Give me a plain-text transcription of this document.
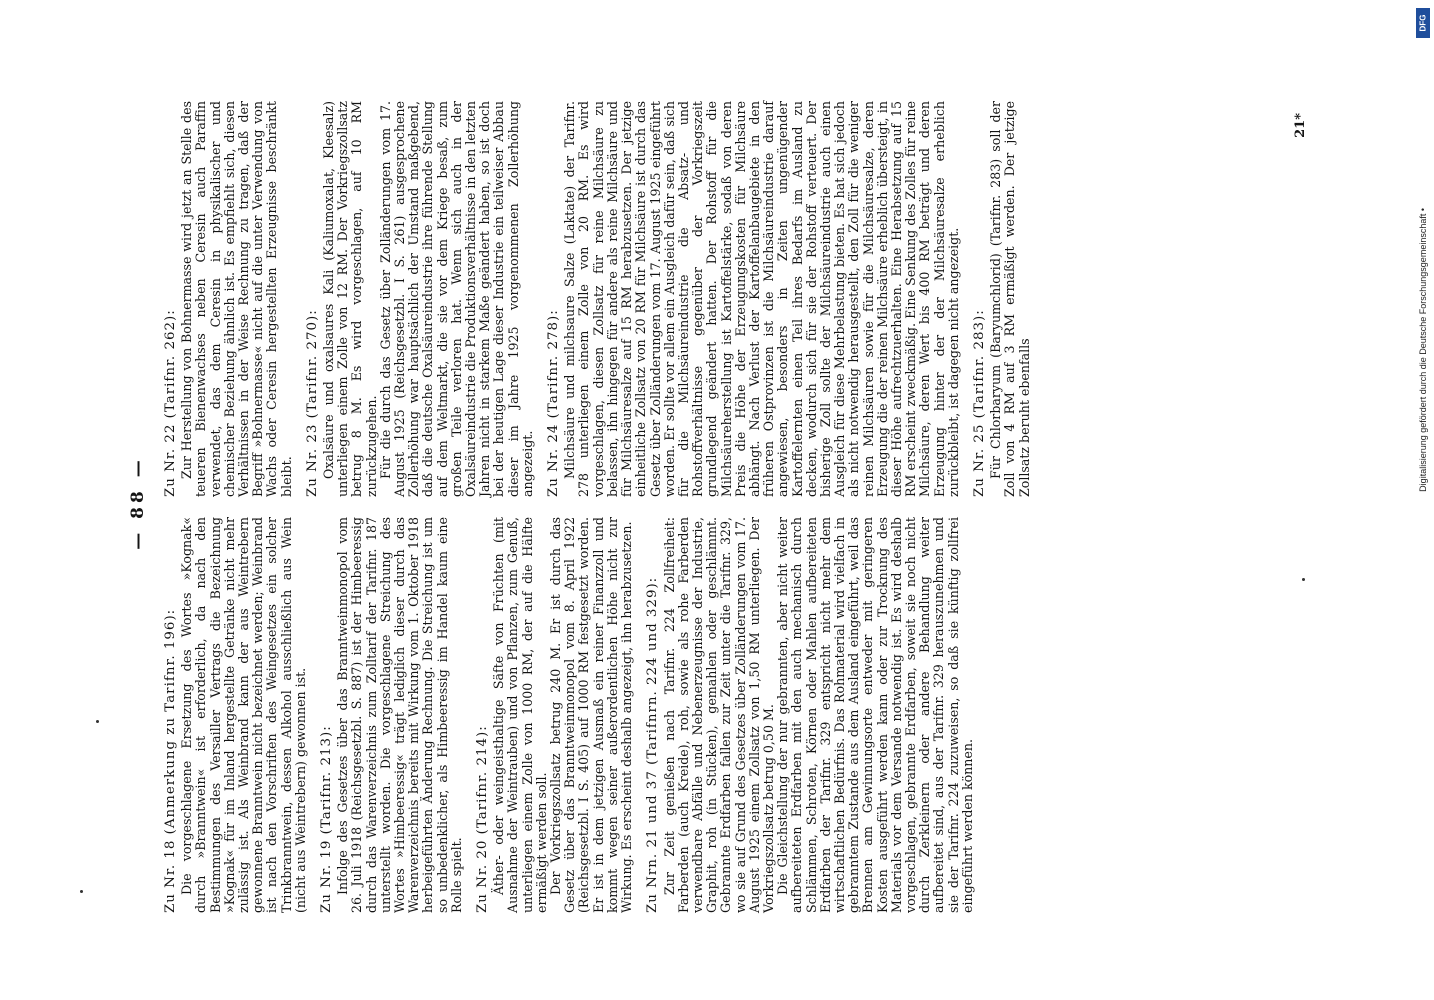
— 88 —

Zu Nr. 18 (Anmerkung zu Tarifnr. 196): Die vorgeschlagene Ersetzung des Wortes »Kognak« durch »Branntwein« ist erforderlich, da nach den Bestimmungen des Versailler Vertrags die Bezeichnung »Kognak« für im Inland hergestellte Getränke nicht mehr zulässig ist. Als Weinbrand kann der aus Weintrebern gewonnene Branntwein nicht bezeichnet werden; Weinbrand ist nach den Vorschriften des Weingesetzes ein solcher Trinkbranntwein, dessen Alkohol ausschließlich aus Wein (nicht aus Weintrebern) gewonnen ist. Zu Nr. 19 (Tarifnr. 213): Infolge des Gesetzes über das Branntweinmonopol vom 26. Juli 1918 (Reichsgesetzbl. S. 887) ist der Himbeeressig durch das Warenverzeichnis zum Zolltarif der Tarifnr. 187 unterstellt worden. Die vorgeschlagene Streichung des Wortes »Himbeeressig« trägt lediglich dieser durch das Warenverzeichnis bereits mit Wirkung vom 1. Oktober 1918 herbeigeführten Änderung Rechnung. Die Streichung ist um so unbedenklicher, als Himbeeressig im Handel kaum eine Rolle spielt. Zu Nr. 20 (Tarifnr. 214): Äther- oder weingeisthaltige Säfte von Früchten (mit Ausnahme der Weintrauben) und von Pflanzen, zum Genuß, unterliegen einem Zolle von 1000 RM, der auf die Hälfte ermäßigt werden soll. Der Vorkriegszollsatz betrug 240 M. Er ist durch das Gesetz über das Branntweinmonopol vom 8. April 1922 (Reichsgesetzbl. I S. 405) auf 1000 RM festgesetzt worden. Er ist in dem jetzigen Ausmaß ein reiner Finanzzoll und kommt wegen seiner außerordentlichen Höhe nicht zur Wirkung. Es erscheint deshalb angezeigt, ihn herabzusetzen. Zu Nrn. 21 und 37 (Tarifnrn. 224 und 329): Zur Zeit genießen nach Tarifnr. 224 Zollfreiheit: Farberden (auch Kreide), roh, sowie als rohe Farberden verwendbare Abfälle und Nebenerzeugnisse der Industrie, Graphit, roh (in Stücken), gemahlen oder geschlämmt. Gebrannte Erdfarben fallen zur Zeit unter die Tarifnr. 329, wo sie auf Grund des Gesetzes über Zolländerungen vom 17. August 1925 einem Zollsatz von 1,50 RM unterliegen. Der Vorkriegszollsatz betrug 0,50 M. Die Gleichstellung der nur gebrannten, aber nicht weiter aufbereiteten Erdfarben mit den auch mechanisch durch Schlämmen, Schroten, Körnen oder Mahlen aufbereiteten Erdfarben der Tarifnr. 329 entspricht nicht mehr dem wirtschaftlichen Bedürfnis. Das Rohmaterial wird vielfach in gebranntem Zustande aus dem Ausland eingeführt, weil das Brennen am Gewinnungsorte entweder mit geringeren Kosten ausgeführt werden kann oder zur Trocknung des Materials vor dem Versande notwendig ist. Es wird deshalb vorgeschlagen, gebrannte Erdfarben, soweit sie noch nicht durch Zerkleinern oder andere Behandlung weiter aufbereitet sind, aus der Tarifnr. 329 herauszunehmen und sie der Tarifnr. 224 zuzuweisen, so daß sie künftig zollfrei eingeführt werden können.

Zu Nr. 22 (Tarifnr. 262): Zur Herstellung von Bohnermasse wird jetzt an Stelle des teueren Bienenwachses neben Ceresin auch Paraffin verwendet, das dem Ceresin in physikalischer und chemischer Beziehung ähnlich ist. Es empfiehlt sich, diesen Verhältnissen in der Weise Rechnung zu tragen, daß der Begriff »Bohnermasse« nicht auf die unter Verwendung von Wachs oder Ceresin hergestellten Erzeugnisse beschränkt bleibt. Zu Nr. 23 (Tarifnr. 270): Oxalsäure und oxalsaures Kali (Kaliumoxalat, Kleesalz) unterliegen einem Zolle von 12 RM. Der Vorkriegszollsatz betrug 8 M. Es wird vorgeschlagen, auf 10 RM zurückzugehen. Für die durch das Gesetz über Zolländerungen vom 17. August 1925 (Reichsgesetzbl. I S. 261) ausgesprochene Zollerhöhung war hauptsächlich der Umstand maßgebend, daß die deutsche Oxalsäureindustrie ihre führende Stellung auf dem Weltmarkt, die sie vor dem Kriege besaß, zum großen Teile verloren hat. Wenn sich auch in der Oxalsäureindustrie die Produktionsverhältnisse in den letzten Jahren nicht in starkem Maße geändert haben, so ist doch bei der heutigen Lage dieser Industrie ein teilweiser Abbau dieser im Jahre 1925 vorgenommenen Zollerhöhung angezeigt. Zu Nr. 24 (Tarifnr. 278): Milchsäure und milchsaure Salze (Laktate) der Tarifnr. 278 unterliegen einem Zolle von 20 RM. Es wird vorgeschlagen, diesen Zollsatz für reine Milchsäure zu belassen, ihn hingegen für andere als reine Milchsäure und für Milchsäuresalze auf 15 RM herabzusetzen. Der jetzige einheitliche Zollsatz von 20 RM für Milchsäure ist durch das Gesetz über Zolländerungen vom 17. August 1925 eingeführt worden. Er sollte vor allem ein Ausgleich dafür sein, daß sich für die Milchsäureindustrie die Absatz- und Rohstoffverhältnisse gegenüber der Vorkriegszeit grundlegend geändert hatten. Der Rohstoff für die Milchsäureherstellung ist Kartoffelstärke, sodaß von deren Preis die Höhe der Erzeugungskosten für Milchsäure abhängt. Nach Verlust der Kartoffelanbaugebiete in den früheren Ostprovinzen ist die Milchsäureindustrie darauf angewiesen, besonders in Zeiten ungenügender Kartoffelernten einen Teil ihres Bedarfs im Ausland zu decken, wodurch sich für sie der Rohstoff verteuert. Der bisherige Zoll sollte der Milchsäureindustrie auch einen Ausgleich für diese Mehrbelastung bieten. Es hat sich jedoch als nicht notwendig herausgestellt, den Zoll für die weniger reinen Milchsäuren sowie für die Milchsäuresalze, deren Erzeugung die der reinen Milchsäure erheblich übersteigt, in dieser Höhe aufrechtzuerhalten. Eine Herabsetzung auf 15 RM erscheint zweckmäßig. Eine Senkung des Zolles für reine Milchsäure, deren Wert bis 400 RM beträgt und deren Erzeugung hinter der der Milchsäuresalze erheblich zurückbleibt, ist dagegen nicht angezeigt. Zu Nr. 25 (Tarifnr. 283): Für Chlorbaryum (Baryumchlorid) (Tarifnr. 283) soll der Zoll von 4 RM auf 3 RM ermäßigt werden. Der jetzige Zollsatz beruht ebenfalls

21*
DFG
Digitalisierung gefördert durch die Deutsche Forschungsgemeinschaft •
